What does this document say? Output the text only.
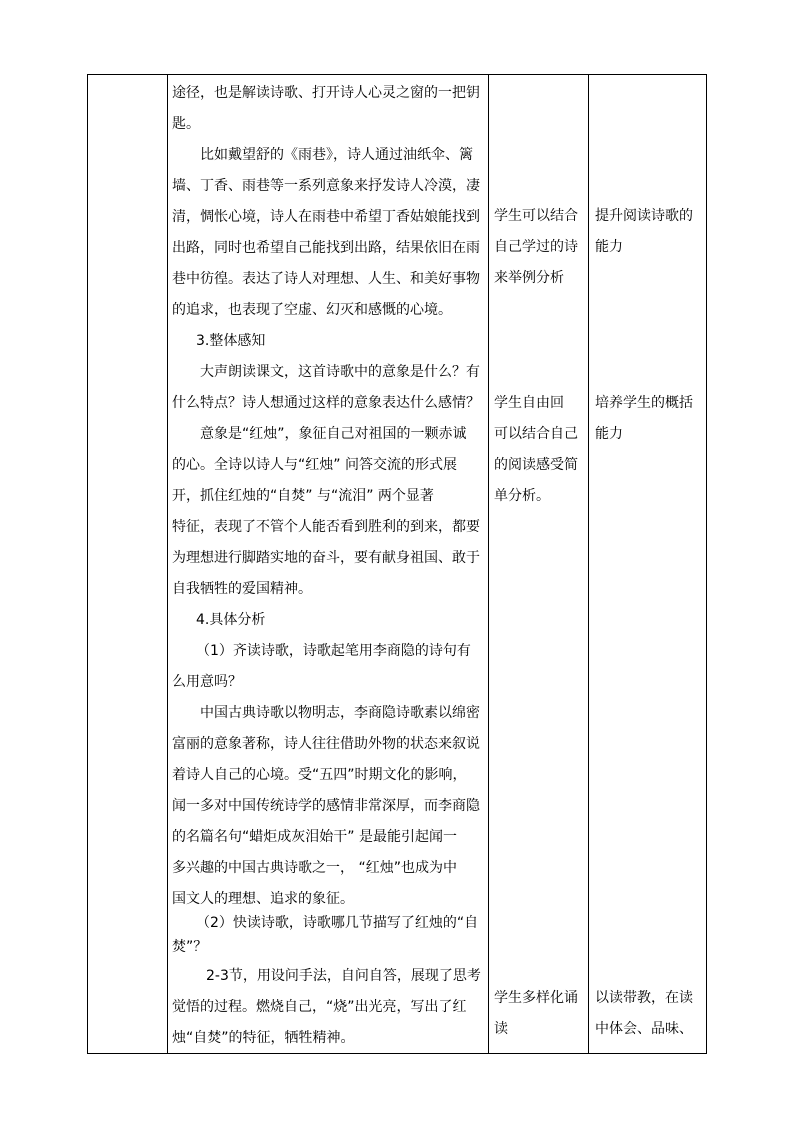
途径，也是解读诗歌、打开诗人心灵之窗的一把钥
匙。
比如戴望舒的《雨巷》，诗人通过油纸伞、篱
墙、丁香、雨巷等一系列意象来抒发诗人冷漠，凄
清，惆怅心境，诗人在雨巷中希望丁香姑娘能找到
出路，同时也希望自己能找到出路，结果依旧在雨
巷中彷徨。表达了诗人对理想、人生、和美好事物
的追求，也表现了空虚、幻灭和感慨的心境。
3.整体感知
大声朗读课文，这首诗歌中的意象是什么？有
什么特点？诗人想通过这样的意象表达什么感情？
意象是“红烛”，象征自己对祖国的一颗赤诚
的心。全诗以诗人与“红烛” 问答交流的形式展
开，抓住红烛的“自焚” 与“流泪” 两个显著
特征，表现了不管个人能否看到胜利的到来，都要
为理想进行脚踏实地的奋斗，要有献身祖国、敢于
自我牺牲的爱国精神。
4.具体分析
（1）齐读诗歌，诗歌起笔用李商隐的诗句有
么用意吗？
中国古典诗歌以物明志，李商隐诗歌素以绵密
富丽的意象著称，诗人往往借助外物的状态来叙说
着诗人自己的心境。受“五四”时期文化的影响，
闻一多对中国传统诗学的感情非常深厚，而李商隐
的名篇名句“蜡炬成灰泪始干” 是最能引起闻一
多兴趣的中国古典诗歌之一， “红烛”也成为中
国文人的理想、追求的象征。
（2）快读诗歌，诗歌哪几节描写了红烛的“自
焚”？
2-3节，用设问手法，自问自答，展现了思考
觉悟的过程。燃烧自己，“烧”出光亮，写出了红
烛“自焚”的特征，牺牲精神。
学生可以结合
自己学过的诗
来举例分析
学生自由回
可以结合自己
的阅读感受简
单分析。
学生多样化诵
读
提升阅读诗歌的
能力
培养学生的概括
能力
以读带教，在读
中体会、品味、
